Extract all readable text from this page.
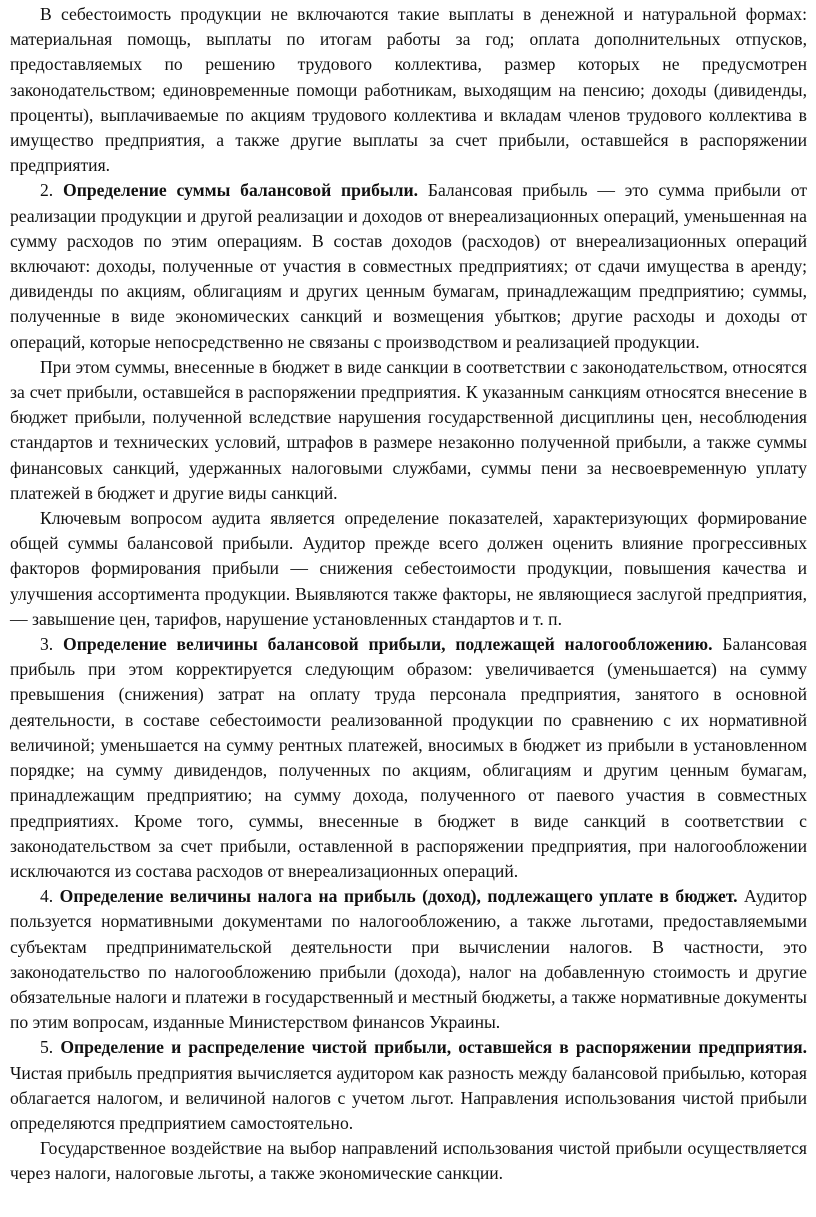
В себестоимость продукции не включаются такие выплаты в денежной и натуральной формах: материальная помощь, выплаты по итогам работы за год; оплата дополнительных отпусков, предоставляемых по решению трудового коллектива, размер которых не предусмотрен законодательством; единовременные помощи работникам, выходящим на пенсию; доходы (дивиденды, проценты), выплачиваемые по акциям трудового коллектива и вкладам членов трудового коллектива в имущество предприятия, а также другие выплаты за счет прибыли, оставшейся в распоряжении предприятия.

2. Определение суммы балансовой прибыли. Балансовая прибыль — это сумма прибыли от реализации продукции и другой реализации и доходов от внереализационных операций, уменьшенная на сумму расходов по этим операциям. В состав доходов (расходов) от внереализационных операций включают: доходы, полученные от участия в совместных предприятиях; от сдачи имущества в аренду; дивиденды по акциям, облигациям и других ценным бумагам, принадлежащим предприятию; суммы, полученные в виде экономических санкций и возмещения убытков; другие расходы и доходы от операций, которые непосредственно не связаны с производством и реализацией продукции.

При этом суммы, внесенные в бюджет в виде санкции в соответствии с законодательством, относятся за счет прибыли, оставшейся в распоряжении предприятия. К указанным санкциям относятся внесение в бюджет прибыли, полученной вследствие нарушения государственной дисциплины цен, несоблюдения стандартов и технических условий, штрафов в размере незаконно полученной прибыли, а также суммы финансовых санкций, удержанных налоговыми службами, суммы пени за несвоевременную уплату платежей в бюджет и другие виды санкций.

Ключевым вопросом аудита является определение показателей, характеризующих формирование общей суммы балансовой прибыли. Аудитор прежде всего должен оценить влияние прогрессивных факторов формирования прибыли — снижения себестоимости продукции, повышения качества и улучшения ассортимента продукции. Выявляются также факторы, не являющиеся заслугой предприятия, — завышение цен, тарифов, нарушение установленных стандартов и т. п.

3. Определение величины балансовой прибыли, подлежащей налогообложению. Балансовая прибыль при этом корректируется следующим образом: увеличивается (уменьшается) на сумму превышения (снижения) затрат на оплату труда персонала предприятия, занятого в основной деятельности, в составе себестоимости реализованной продукции по сравнению с их нормативной величиной; уменьшается на сумму рентных платежей, вносимых в бюджет из прибыли в установленном порядке; на сумму дивидендов, полученных по акциям, облигациям и другим ценным бумагам, принадлежащим предприятию; на сумму дохода, полученного от паевого участия в совместных предприятиях. Кроме того, суммы, внесенные в бюджет в виде санкций в соответствии с законодательством за счет прибыли, оставленной в распоряжении предприятия, при налогообложении исключаются из состава расходов от внереализационных операций.

4. Определение величины налога на прибыль (доход), подлежащего уплате в бюджет. Аудитор пользуется нормативными документами по налогообложению, а также льготами, предоставляемыми субъектам предпринимательской деятельности при вычислении налогов. В частности, это законодательство по налогообложению прибыли (дохода), налог на добавленную стоимость и другие обязательные налоги и платежи в государственный и местный бюджеты, а также нормативные документы по этим вопросам, изданные Министерством финансов Украины.

5. Определение и распределение чистой прибыли, оставшейся в распоряжении предприятия. Чистая прибыль предприятия вычисляется аудитором как разность между балансовой прибылью, которая облагается налогом, и величиной налогов с учетом льгот. Направления использования чистой прибыли определяются предприятием самостоятельно.

Государственное воздействие на выбор направлений использования чистой прибыли осуществляется через налоги, налоговые льготы, а также экономические санкции.
